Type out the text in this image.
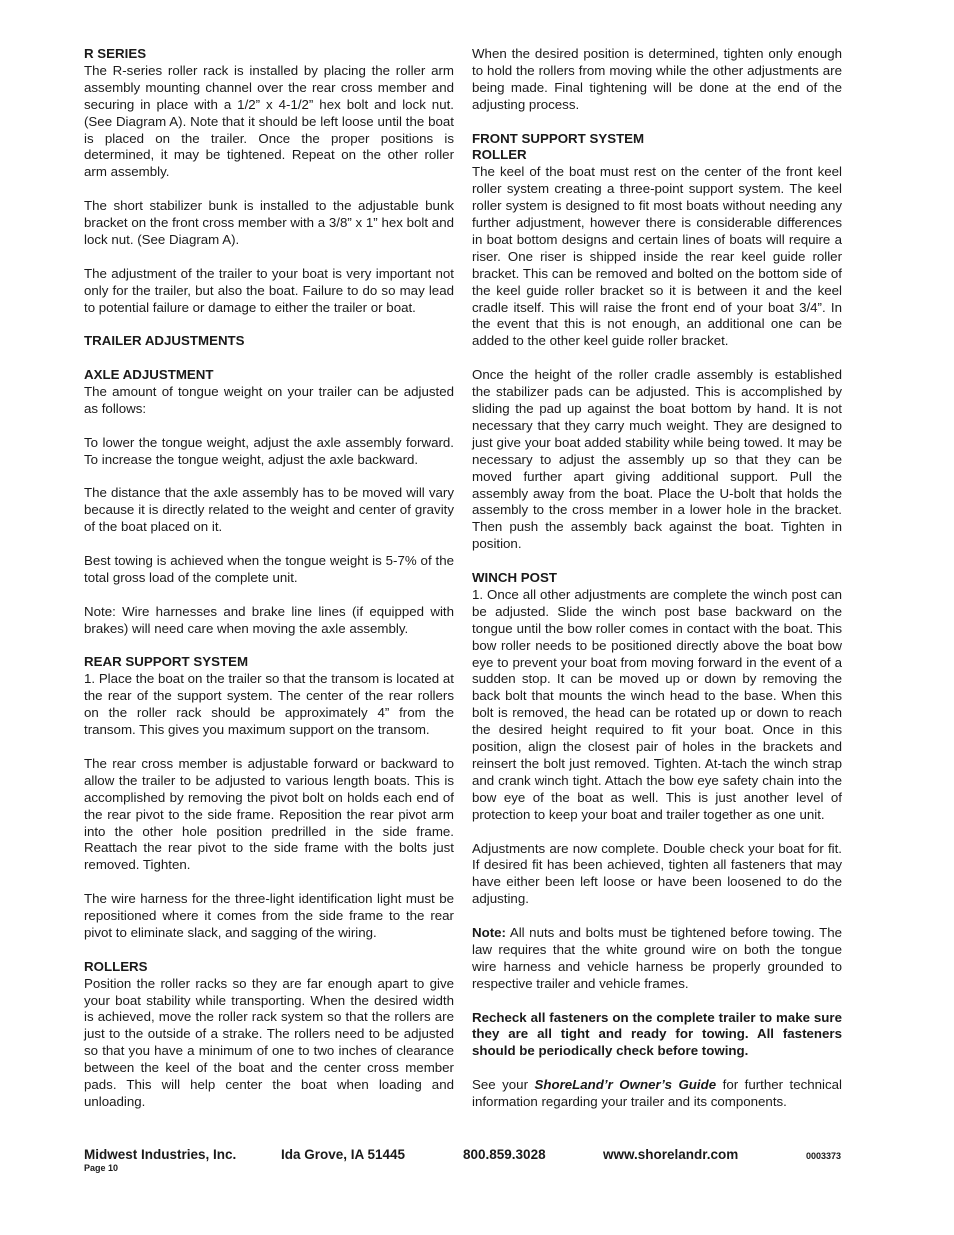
R SERIES

The R-series roller rack is installed by placing the roller arm assembly mounting channel over the rear cross member and securing in place with a 1/2” x 4-1/2” hex bolt and lock nut. (See Diagram A). Note that it should be left loose until the boat is placed on the trailer. Once the proper positions is determined, it may be tightened. Repeat on the other roller arm assembly.

The short stabilizer bunk is installed to the adjustable bunk bracket on the front cross member with a 3/8” x 1” hex bolt and lock nut. (See Diagram A).

The adjustment of the trailer to your boat is very important not only for the trailer, but also the boat. Failure to do so may lead to potential failure or damage to either the trailer or boat.

TRAILER ADJUSTMENTS
AXLE ADJUSTMENT

The amount of tongue weight on your trailer can be adjusted as follows:

To lower the tongue weight, adjust the axle assembly forward. To increase the tongue weight, adjust the axle backward.

The distance that the axle assembly has to be moved will vary because it is directly related to the weight and center of gravity of the boat placed on it.

Best towing is achieved when the tongue weight is 5-7% of the total gross load of the complete unit.

Note: Wire harnesses and brake line lines (if equipped with brakes) will need care when moving the axle assembly.

REAR SUPPORT SYSTEM

1. Place the boat on the trailer so that the transom is located at the rear of the support system. The center of the rear rollers on the roller rack should be approximately 4” from the transom. This gives you maximum support on the transom.

The rear cross member is adjustable forward or backward to allow the trailer to be adjusted to various length boats. This is accomplished by removing the pivot bolt on holds each end of the rear pivot to the side frame. Reposition the rear pivot arm into the other hole position predrilled in the side frame. Reattach the rear pivot to the side frame with the bolts just removed. Tighten.

The wire harness for the three-light identification light must be repositioned where it comes from the side frame to the rear pivot to eliminate slack, and sagging of the wiring.

ROLLERS

Position the roller racks so they are far enough apart to give your boat stability while transporting. When the desired width is achieved, move the roller rack system so that the rollers are just to the outside of a strake. The rollers need to be adjusted so that you have a minimum of one to two inches of clearance between the keel of the boat and the center cross member pads. This will help center the boat when loading and unloading.

When the desired position is determined, tighten only enough to hold the rollers from moving while the other adjustments are being made. Final tightening will be done at the end of the adjusting process.

FRONT SUPPORT SYSTEM
ROLLER

The keel of the boat must rest on the center of the front keel roller system creating a three-point support system. The keel roller system is designed to fit most boats without needing any further adjustment, however there is considerable differences in boat bottom designs and certain lines of boats will require a riser. One riser is shipped inside the rear keel guide roller bracket. This can be removed and bolted on the bottom side of the keel guide roller bracket so it is between it and the keel cradle itself. This will raise the front end of your boat 3/4”. In the event that this is not enough, an additional one can be added to the other keel guide roller bracket.

Once the height of the roller cradle assembly is established the stabilizer pads can be adjusted. This is accomplished by sliding the pad up against the boat bottom by hand. It is not necessary that they carry much weight. They are designed to just give your boat added stability while being towed. It may be necessary to adjust the assembly up so that they can be moved further apart giving additional support. Pull the assembly away from the boat. Place the U-bolt that holds the assembly to the cross member in a lower hole in the bracket. Then push the assembly back against the boat. Tighten in position.

WINCH POST

1. Once all other adjustments are complete the winch post can be adjusted. Slide the winch post base backward on the tongue until the bow roller comes in contact with the boat. This bow roller needs to be positioned directly above the boat bow eye to prevent your boat from moving forward in the event of a sudden stop. It can be moved up or down by removing the back bolt that mounts the winch head to the base. When this bolt is removed, the head can be rotated up or down to reach the desired height required to fit your boat. Once in this position, align the closest pair of holes in the brackets and reinsert the bolt just removed. Tighten. At-tach the winch strap and crank winch tight. Attach the bow eye safety chain into the bow eye of the boat as well. This is just another level of protection to keep your boat and trailer together as one unit.

Adjustments are now complete. Double check your boat for fit. If desired fit has been achieved, tighten all fasteners that may have either been left loose or have been loosened to do the adjusting.

Note: All nuts and bolts must be tightened before towing. The law requires that the white ground wire on both the tongue wire harness and vehicle harness be properly grounded to respective trailer and vehicle frames.

Recheck all fasteners on the complete trailer to make sure they are all tight and ready for towing. All fasteners should be periodically check before towing.

See your ShoreLand’r Owner’s Guide for further technical information regarding your trailer and its components.

Midwest Industries, Inc.	Ida Grove, IA 51445	800.859.3028	www.shorelandr.com	0003373
Page 10
